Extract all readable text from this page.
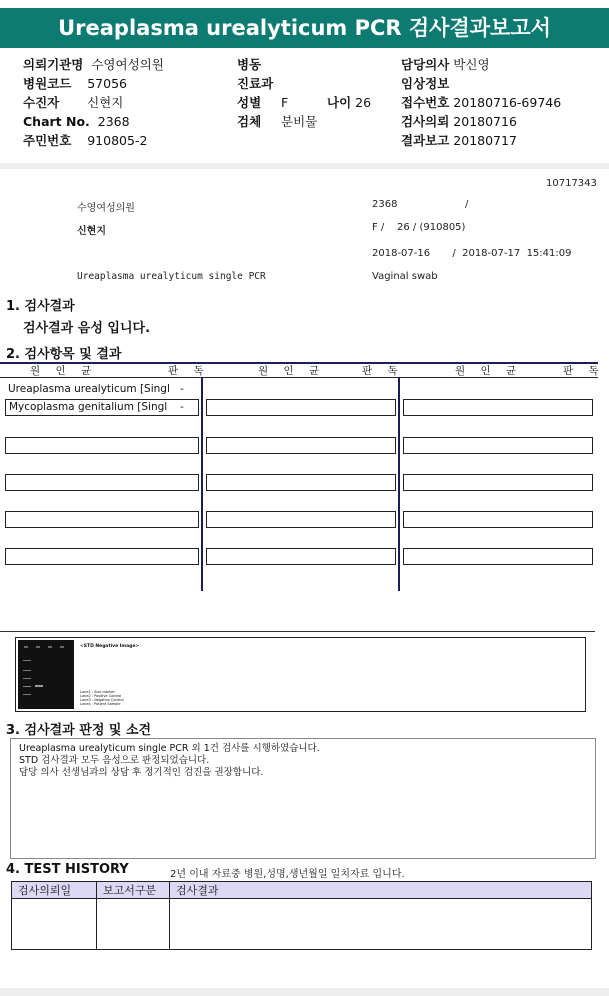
Ureaplasma urealyticum PCR 검사결과보고서
의뢰기관명 수영여성의원
병원코드 57056
수진자 신현지
Chart No. 2368
주민번호 910805-2
병동
진료과
성별 F
검체 분비물
나이 26
담당의사 박신영
임상정보
접수번호 20180716-69746
검사의뢰 20180716
결과보고 20180717
10717343
수영여성의원	2368	/
신현지	F /    26 / (910805)
2018-07-16       /  2018-07-17  15:41:09
Ureaplasma urealyticum single PCR	Vaginal swab
1. 검사결과
검사결과 음성 입니다.
2. 검사항목 및 결과
원 인 균	판 독	원 인 균	판 독	원 인 균	판 독
Ureaplasma urealyticum [Singl -
Mycoplasma genitalium [Singl	-
<STD Negative Image>
Lane1 : Size marker
Lane2 : Positive Control
Lane3 : Negative Control
Lane4 : Patient Sample
3. 검사결과 판정 및 소견
Ureaplasma urealyticum single PCR 외 1건 검사를 시행하였습니다.
STD 검사결과 모두 음성으로 판정되었습니다.
담당 의사 선생님과의 상담 후 정기적인 검진을 권장합니다.
4. TEST HISTORY	2년 이내 자료중 병원,성명,생년월일 일치자료 입니다.
검사의뢰일	보고서구분	검사결과
